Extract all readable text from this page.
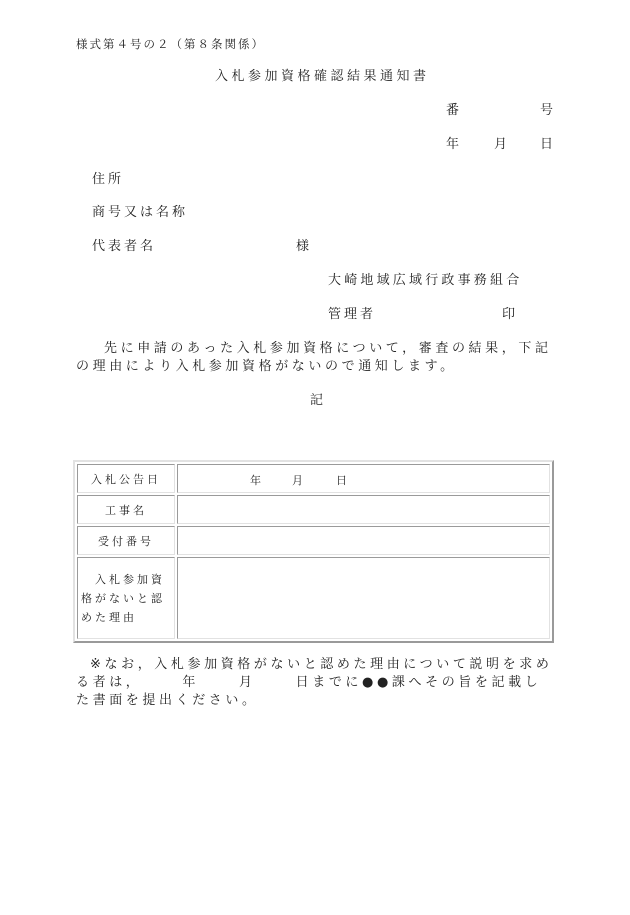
様式第４号の２（第８条関係）
入札参加資格確認結果通知書
番	号
年 月 日
住所
商号又は名称
代表者名	様
大崎地域広域行政事務組合
管理者	印
先に申請のあった入札参加資格について，審査の結果，下記の理由により入札参加資格がないので通知します。
記
入札公告日	年 月 日

工事名	
受付番号	
入札参加資格がないと認めた理由	
※なお，入札参加資格がないと認めた理由について説明を求める者は，	年	月	日までに●●課へその旨を記載した書面を提出ください。
